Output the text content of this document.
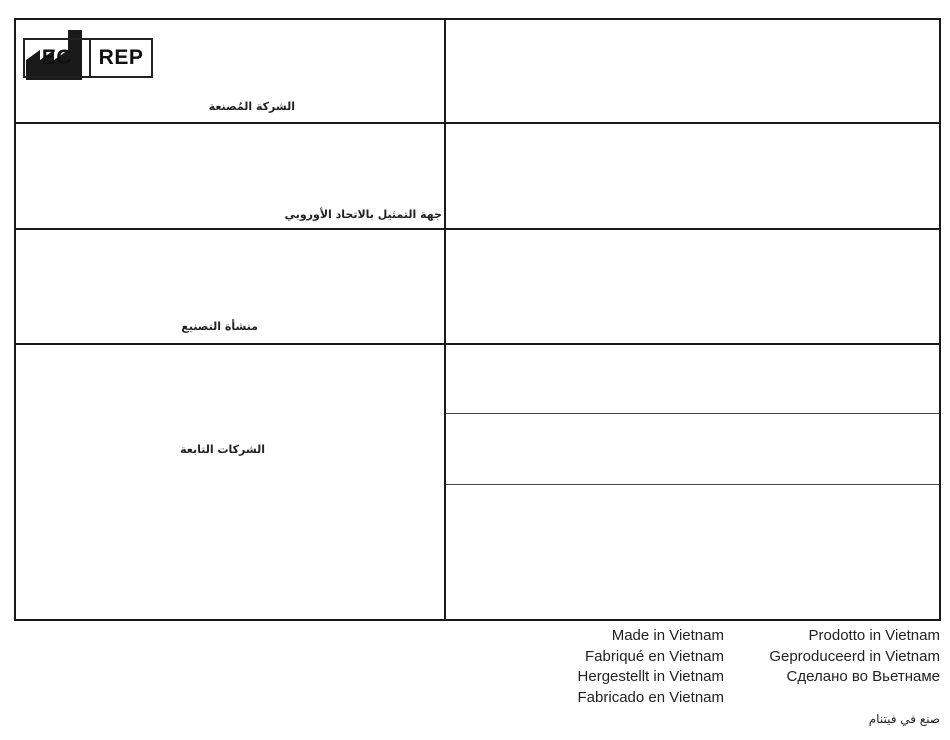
الشركة المُصنعة
EC	REP
جهة التمثيل بالاتحاد الأوروبي
منشأة التصنيع
الشركات التابعة
Made in Vietnam
Fabriqué en Vietnam
Hergestellt in Vietnam
Fabricado en Vietnam
Prodotto in Vietnam
Geproduceerd in Vietnam
Сделано во Вьетнаме
صنع في فيتنام
